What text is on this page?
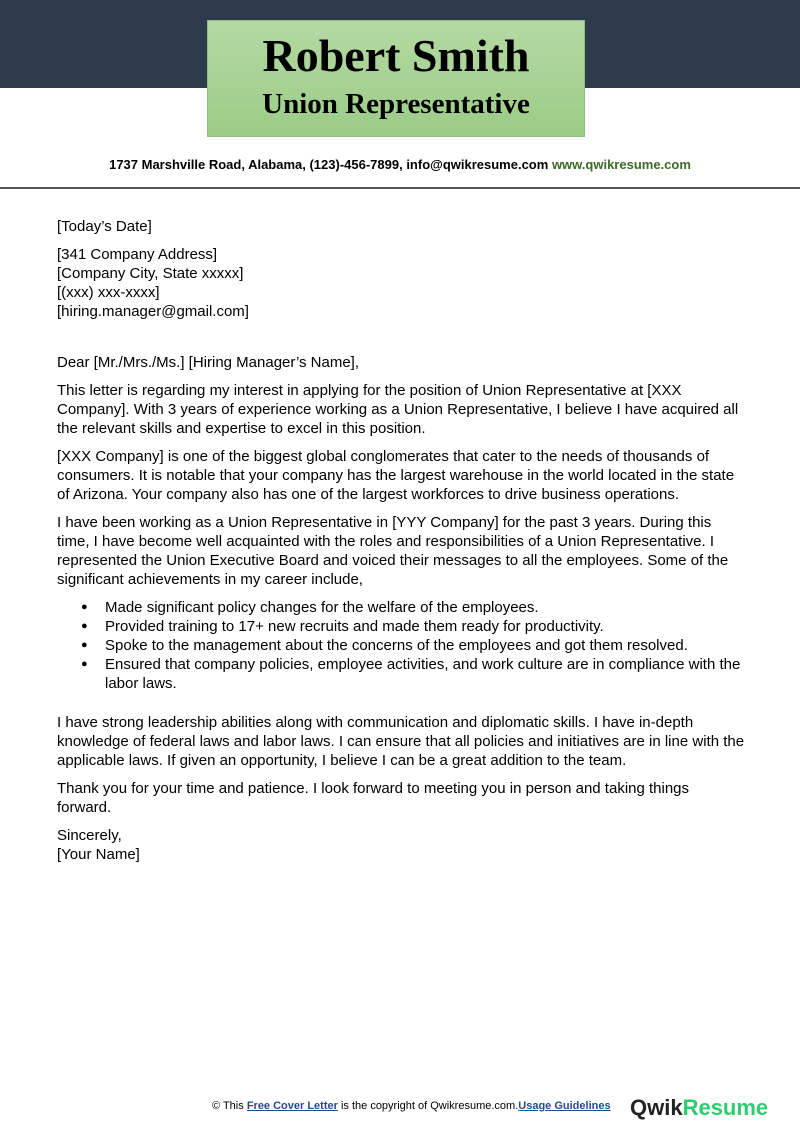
Robert Smith
Union Representative
1737 Marshville Road, Alabama, (123)-456-7899, info@qwikresume.com www.qwikresume.com

[Today’s Date]

[341 Company Address]
[Company City, State xxxxx]
[(xxx) xxx-xxxx]
[hiring.manager@gmail.com]

Dear [Mr./Mrs./Ms.] [Hiring Manager’s Name],

This letter is regarding my interest in applying for the position of Union Representative at [XXX Company]. With 3 years of experience working as a Union Representative, I believe I have acquired all the relevant skills and expertise to excel in this position.

[XXX Company] is one of the biggest global conglomerates that cater to the needs of thousands of consumers. It is notable that your company has the largest warehouse in the world located in the state of Arizona. Your company also has one of the largest workforces to drive business operations.

I have been working as a Union Representative in [YYY Company] for the past 3 years. During this time, I have become well acquainted with the roles and responsibilities of a Union Representative. I represented the Union Executive Board and voiced their messages to all the employees. Some of the significant achievements in my career include,

● Made significant policy changes for the welfare of the employees.
● Provided training to 17+ new recruits and made them ready for productivity.
● Spoke to the management about the concerns of the employees and got them resolved.
● Ensured that company policies, employee activities, and work culture are in compliance with the labor laws.

I have strong leadership abilities along with communication and diplomatic skills. I have in-depth knowledge of federal laws and labor laws. I can ensure that all policies and initiatives are in line with the applicable laws. If given an opportunity, I believe I can be a great addition to the team.

Thank you for your time and patience. I look forward to meeting you in person and taking things forward.

Sincerely,

[Your Name]

© This Free Cover Letter is the copyright of Qwikresume.com.Usage Guidelines QwikResume
